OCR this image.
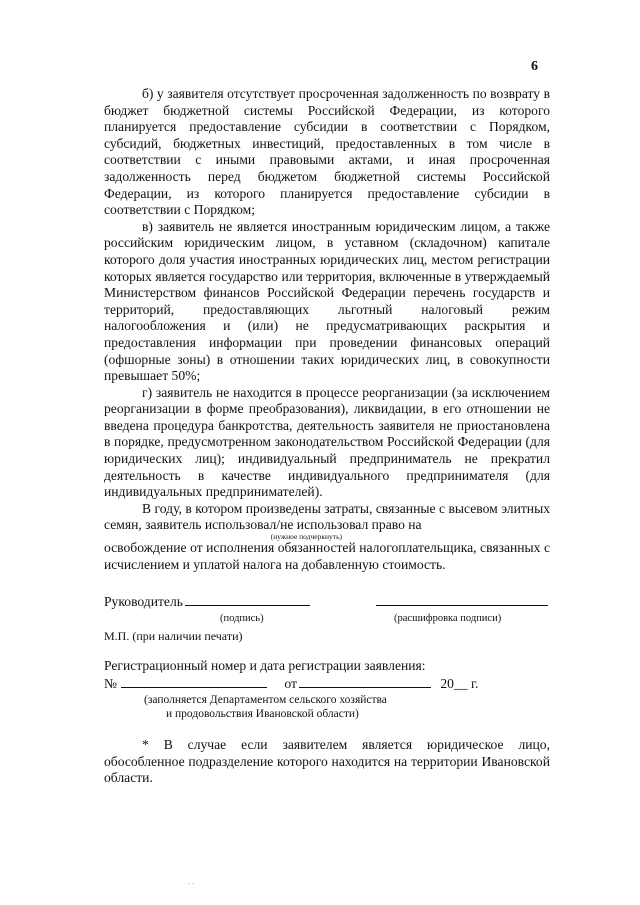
6

б) у заявителя отсутствует просроченная задолженность по возврату в бюджет бюджетной системы Российской Федерации, из которого планируется предоставление субсидии в соответствии с Порядком, субсидий, бюджетных инвестиций, предоставленных в том числе в соответствии с иными правовыми актами, и иная просроченная задолженность перед бюджетом бюджетной системы Российской Федерации, из которого планируется предоставление субсидии в соответствии с Порядком;

в) заявитель не является иностранным юридическим лицом, а также российским юридическим лицом, в уставном (складочном) капитале которого доля участия иностранных юридических лиц, местом регистрации которых является государство или территория, включенные в утверждаемый Министерством финансов Российской Федерации перечень государств и территорий, предоставляющих льготный налоговый режим налогообложения и (или) не предусматривающих раскрытия и предоставления информации при проведении финансовых операций (офшорные зоны) в отношении таких юридических лиц, в совокупности превышает 50%;

г) заявитель не находится в процессе реорганизации (за исключением реорганизации в форме преобразования), ликвидации, в его отношении не введена процедура банкротства, деятельность заявителя не приостановлена в порядке, предусмотренном законодательством Российской Федерации (для юридических лиц); индивидуальный предприниматель не прекратил деятельность в качестве индивидуального предпринимателя (для индивидуальных предпринимателей).

В году, в котором произведены затраты, связанные с высевом элитных семян, заявитель использовал/не использовал право на
(нужное подчеркнуть)

освобождение от исполнения обязанностей налогоплательщика, связанных с исчислением и уплатой налога на добавленную стоимость.

Руководитель
(подпись)	(расшифровка подписи)
М.П. (при наличии печати)
Регистрационный номер и дата регистрации заявления:
№	от	20__ г.
(заполняется Департаментом сельского хозяйства
и продовольствия Ивановской области)

* В случае если заявителем является юридическое лицо, обособленное подразделение которого находится на территории Ивановской области.

. .
